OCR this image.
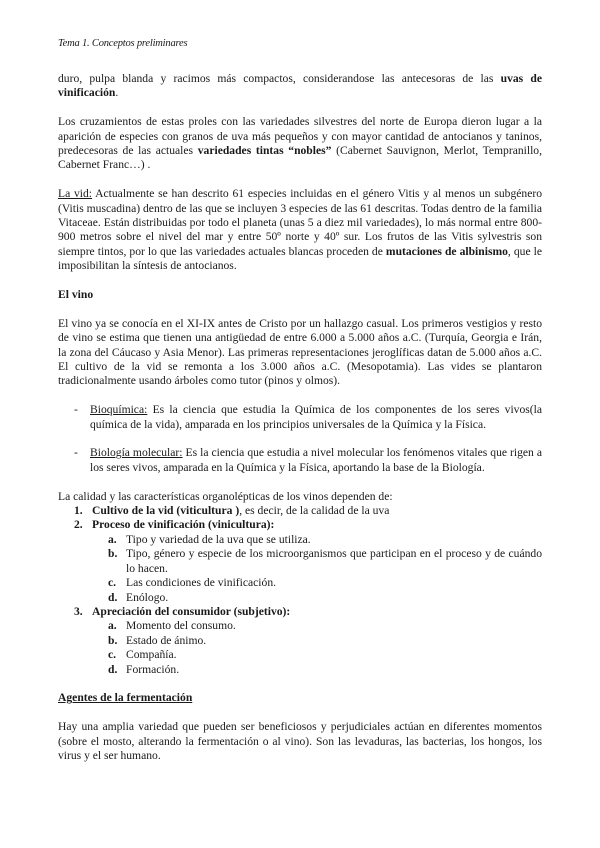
Tema 1. Conceptos preliminares

duro, pulpa blanda y racimos más compactos, considerandose las antecesoras de las uvas de vinificación.

Los cruzamientos de estas proles con las variedades silvestres del norte de Europa dieron lugar a la aparición de especies con granos de uva más pequeños y con mayor cantidad de antocianos y taninos, predecesoras de las actuales variedades tintas “nobles” (Cabernet Sauvignon, Merlot, Tempranillo, Cabernet Franc…) .

La vid: Actualmente se han descrito 61 especies incluidas en el género Vitis y al menos un subgénero (Vitis muscadina) dentro de las que se incluyen 3 especies de las 61 descritas. Todas dentro de la familia Vitaceae. Están distribuidas por todo el planeta (unas 5 a diez mil variedades), lo más normal entre 800-900 metros sobre el nivel del mar y entre 50º norte y 40º sur. Los frutos de las Vitis sylvestris son siempre tintos, por lo que las variedades actuales blancas proceden de mutaciones de albinismo, que le imposibilitan la síntesis de antocianos.

El vino

El vino ya se conocía en el XI-IX antes de Cristo por un hallazgo casual. Los primeros vestigios y resto de vino se estima que tienen una antigüedad de entre 6.000 a 5.000 años a.C. (Turquía, Georgia e Irán, la zona del Cáucaso y Asia Menor). Las primeras representaciones jeroglíficas datan de 5.000 años a.C. El cultivo de la vid se remonta a los 3.000 años a.C. (Mesopotamia). Las vides se plantaron tradicionalmente usando árboles como tutor (pinos y olmos).

- Bioquímica: Es la ciencia que estudia la Química de los componentes de los seres vivos(la química de la vida), amparada en los principios universales de la Química y la Física.
- Biología molecular: Es la ciencia que estudia a nivel molecular los fenómenos vitales que rigen a los seres vivos, amparada en la Química y la Física, aportando la base de la Biología.
La calidad y las características organolépticas de los vinos dependen de:
1. Cultivo de la vid (viticultura ), es decir, de la calidad de la uva
2. Proceso de vinificación (vinicultura):
a. Tipo y variedad de la uva que se utiliza.
b. Tipo, género y especie de los microorganismos que participan en el proceso y de cuándo lo hacen.
c. Las condiciones de vinificación.
d. Enólogo.
3. Apreciación del consumidor (subjetivo):
a. Momento del consumo.
b. Estado de ánimo.
c. Compañía.
d. Formación.
Agentes de la fermentación

Hay una amplia variedad que pueden ser beneficiosos y perjudiciales actúan en diferentes momentos (sobre el mosto, alterando la fermentación o al vino). Son las levaduras, las bacterias, los hongos, los virus y el ser humano.
